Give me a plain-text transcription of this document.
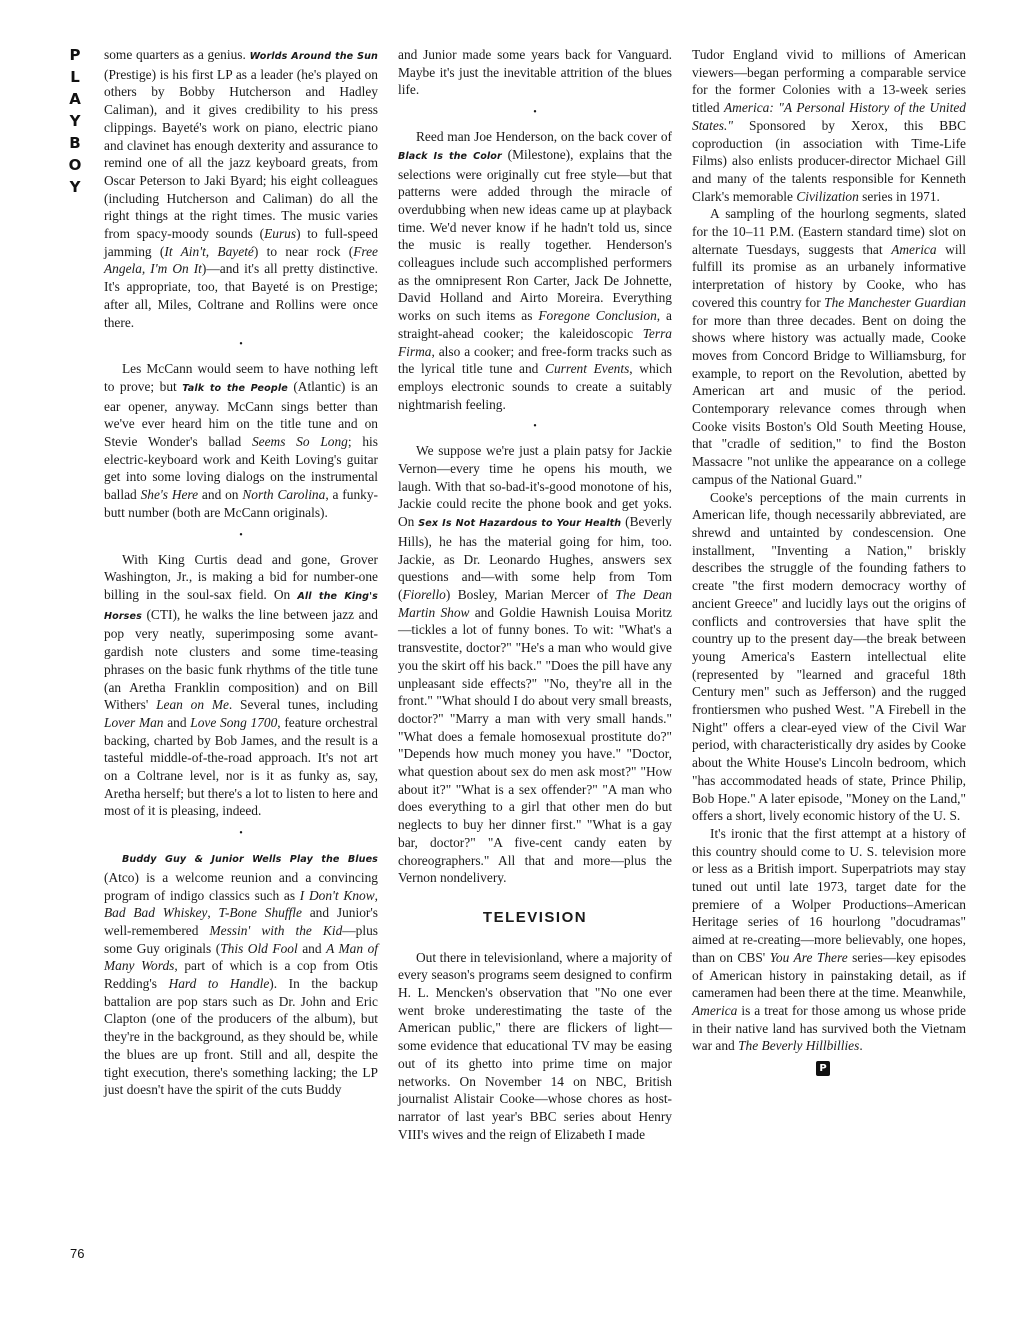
P
L
A
Y
B
O
Y

some quarters as a genius. Worlds Around the Sun (Prestige) is his first LP as a leader (he's played on others by Bobby Hutcherson and Hadley Caliman), and it gives credibility to his press clippings. Bayeté's work on piano, electric piano and clavinet has enough dexterity and assurance to remind one of all the jazz keyboard greats, from Oscar Peterson to Jaki Byard; his eight colleagues (including Hutcherson and Caliman) do all the right things at the right times. The music varies from spacy-moody sounds (Eurus) to full-speed jamming (It Ain't, Bayeté) to near rock (Free Angela, I'm On It)—and it's all pretty distinctive. It's appropriate, too, that Bayeté is on Prestige; after all, Miles, Coltrane and Rollins were once there.

•

Les McCann would seem to have nothing left to prove; but Talk to the People (Atlantic) is an ear opener, anyway. McCann sings better than we've ever heard him on the title tune and on Stevie Wonder's ballad Seems So Long; his electric-keyboard work and Keith Loving's guitar get into some loving dialogs on the instrumental ballad She's Here and on North Carolina, a funky-butt number (both are McCann originals).

•

With King Curtis dead and gone, Grover Washington, Jr., is making a bid for number-one billing in the soul-sax field. On All the King's Horses (CTI), he walks the line between jazz and pop very neatly, superimposing some avant-gardish note clusters and some time-teasing phrases on the basic funk rhythms of the title tune (an Aretha Franklin composition) and on Bill Withers' Lean on Me. Several tunes, including Lover Man and Love Song 1700, feature orchestral backing, charted by Bob James, and the result is a tasteful middle-of-the-road approach. It's not art on a Coltrane level, nor is it as funky as, say, Aretha herself; but there's a lot to listen to here and most of it is pleasing, indeed.

•

Buddy Guy & Junior Wells Play the Blues (Atco) is a welcome reunion and a convincing program of indigo classics such as I Don't Know, Bad Bad Whiskey, T-Bone Shuffle and Junior's well-remembered Messin' with the Kid—plus some Guy originals (This Old Fool and A Man of Many Words, part of which is a cop from Otis Redding's Hard to Handle). In the backup battalion are pop stars such as Dr. John and Eric Clapton (one of the producers of the album), but they're in the background, as they should be, while the blues are up front. Still and all, despite the tight execution, there's something lacking; the LP just doesn't have the spirit of the cuts Buddy

and Junior made some years back for Vanguard. Maybe it's just the inevitable attrition of the blues life.

•

Reed man Joe Henderson, on the back cover of Black Is the Color (Milestone), explains that the selections were originally cut free style—but that patterns were added through the miracle of overdubbing when new ideas came up at playback time. We'd never know if he hadn't told us, since the music is really together. Henderson's colleagues include such accomplished performers as the omnipresent Ron Carter, Jack De Johnette, David Holland and Airto Moreira. Everything works on such items as Foregone Conclusion, a straight-ahead cooker; the kaleidoscopic Terra Firma, also a cooker; and free-form tracks such as the lyrical title tune and Current Events, which employs electronic sounds to create a suitably nightmarish feeling.

•

We suppose we're just a plain patsy for Jackie Vernon—every time he opens his mouth, we laugh. With that so-bad-it's-good monotone of his, Jackie could recite the phone book and get yoks. On Sex Is Not Hazardous to Your Health (Beverly Hills), he has the material going for him, too. Jackie, as Dr. Leonardo Hughes, answers sex questions and—with some help from Tom (Fiorello) Bosley, Marian Mercer of The Dean Martin Show and Goldie Hawnish Louisa Moritz—tickles a lot of funny bones. To wit: "What's a transvestite, doctor?" "He's a man who would give you the skirt off his back." "Does the pill have any unpleasant side effects?" "No, they're all in the front." "What should I do about very small breasts, doctor?" "Marry a man with very small hands." "What does a female homosexual prostitute do?" "Depends how much money you have." "Doctor, what question about sex do men ask most?" "How about it?" "What is a sex offender?" "A man who does everything to a girl that other men do but neglects to buy her dinner first." "What is a gay bar, doctor?" "A five-cent candy eaten by choreographers." All that and more—plus the Vernon nondelivery.

TELEVISION

Out there in televisionland, where a majority of every season's programs seem designed to confirm H. L. Mencken's observation that "No one ever went broke underestimating the taste of the American public," there are flickers of light—some evidence that educational TV may be easing out of its ghetto into prime time on major networks. On November 14 on NBC, British journalist Alistair Cooke—whose chores as host-narrator of last year's BBC series about Henry VIII's wives and the reign of Elizabeth I made

Tudor England vivid to millions of American viewers—began performing a comparable service for the former Colonies with a 13-week series titled America: "A Personal History of the United States." Sponsored by Xerox, this BBC coproduction (in association with Time-Life Films) also enlists producer-director Michael Gill and many of the talents responsible for Kenneth Clark's memorable Civilization series in 1971.

A sampling of the hourlong segments, slated for the 10–11 P.M. (Eastern standard time) slot on alternate Tuesdays, suggests that America will fulfill its promise as an urbanely informative interpretation of history by Cooke, who has covered this country for The Manchester Guardian for more than three decades. Bent on doing the shows where history was actually made, Cooke moves from Concord Bridge to Williamsburg, for example, to report on the Revolution, abetted by American art and music of the period. Contemporary relevance comes through when Cooke visits Boston's Old South Meeting House, that "cradle of sedition," to find the Boston Massacre "not unlike the appearance on a college campus of the National Guard."

Cooke's perceptions of the main currents in American life, though necessarily abbreviated, are shrewd and untainted by condescension. One installment, "Inventing a Nation," briskly describes the struggle of the founding fathers to create "the first modern democracy worthy of ancient Greece" and lucidly lays out the origins of conflicts and controversies that have split the country up to the present day—the break between young America's Eastern intellectual elite (represented by "learned and graceful 18th Century men" such as Jefferson) and the rugged frontiersmen who pushed West. "A Firebell in the Night" offers a clear-eyed view of the Civil War period, with characteristically dry asides by Cooke about the White House's Lincoln bedroom, which "has accommodated heads of state, Prince Philip, Bob Hope." A later episode, "Money on the Land," offers a short, lively economic history of the U. S.

It's ironic that the first attempt at a history of this country should come to U. S. television more or less as a British import. Superpatriots may stay tuned out until late 1973, target date for the premiere of a Wolper Productions–American Heritage series of 16 hourlong "docudramas" aimed at re-creating—more believably, one hopes, than on CBS' You Are There series—key episodes of American history in painstaking detail, as if cameramen had been there at the time. Meanwhile, America is a treat for those among us whose pride in their native land has survived both the Vietnam war and The Beverly Hillbillies.

P
76
